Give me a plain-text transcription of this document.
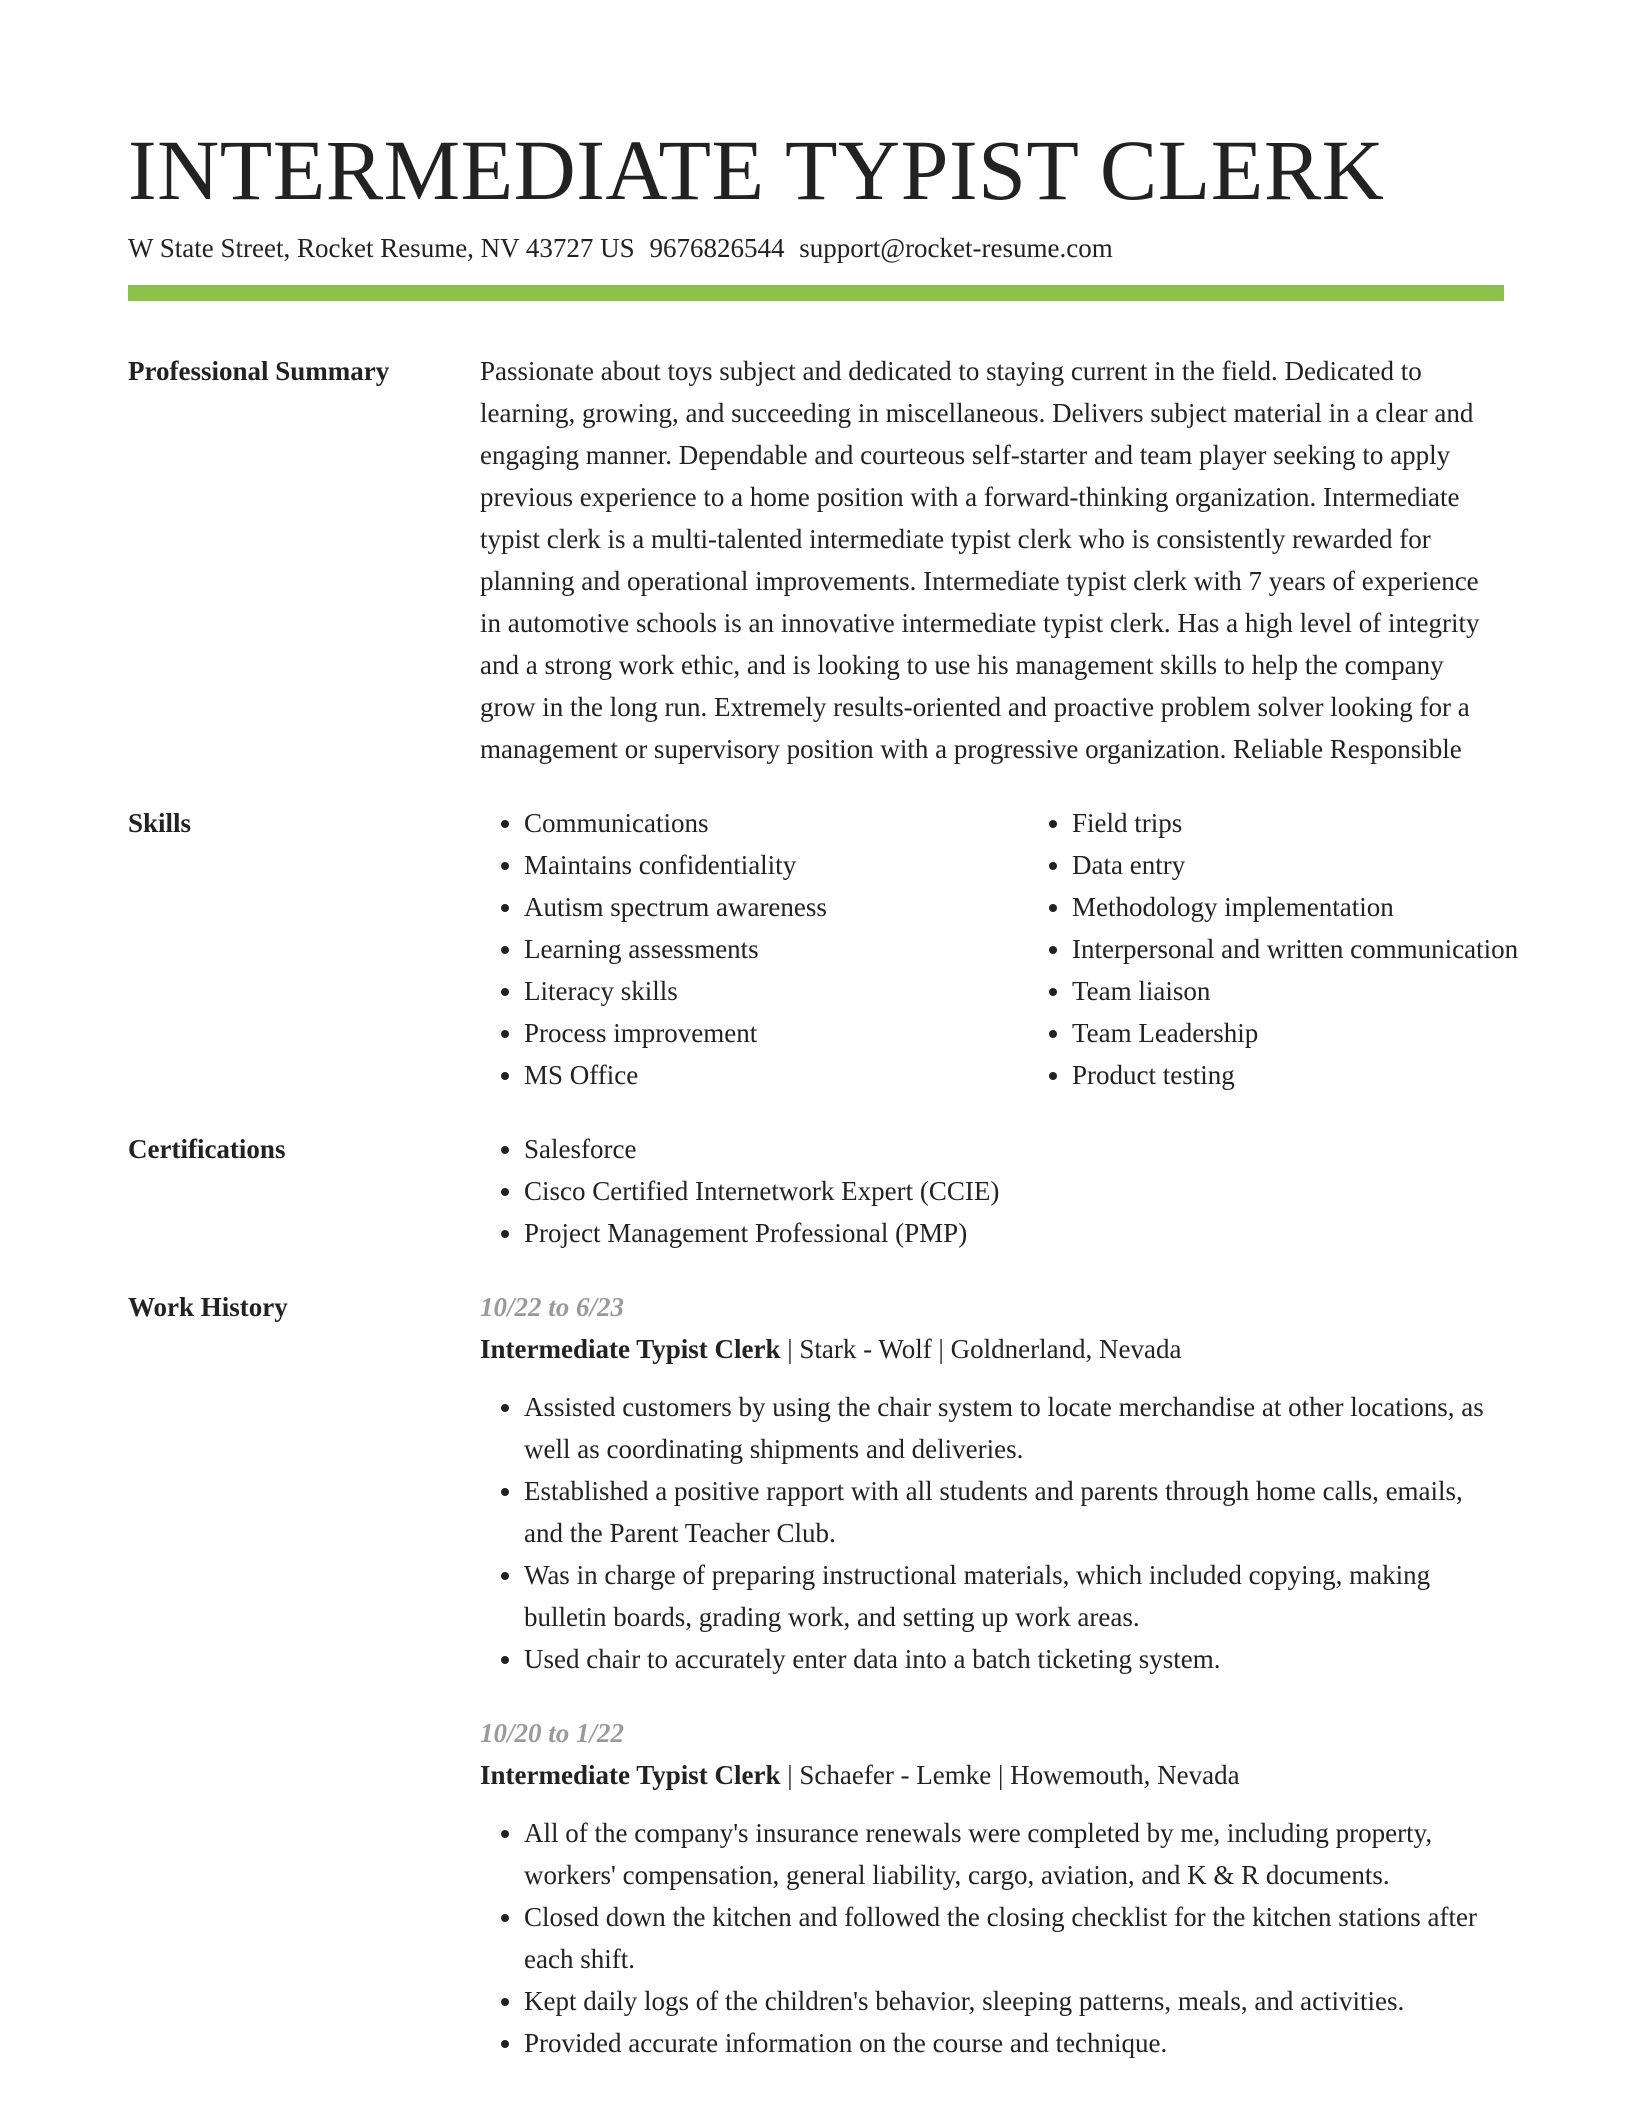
INTERMEDIATE TYPIST CLERK
W State Street, Rocket Resume, NV 43727 US 9676826544 support@rocket-resume.com
Professional Summary	Passionate about toys subject and dedicated to staying current in the field. Dedicated to learning, growing, and succeeding in miscellaneous. Delivers subject material in a clear and engaging manner. Dependable and courteous self-starter and team player seeking to apply previous experience to a home position with a forward-thinking organization. Intermediate typist clerk is a multi-talented intermediate typist clerk who is consistently rewarded for planning and operational improvements. Intermediate typist clerk with 7 years of experience in automotive schools is an innovative intermediate typist clerk. Has a high level of integrity and a strong work ethic, and is looking to use his management skills to help the company grow in the long run. Extremely results-oriented and proactive problem solver looking for a management or supervisory position with a progressive organization. Reliable Responsible

Skills	• Communications
• Maintains confidentiality
• Autism spectrum awareness
• Learning assessments
• Literacy skills
• Process improvement
• MS Office
• Field trips
• Data entry
• Methodology implementation
• Interpersonal and written communication
• Team liaison
• Team Leadership
• Product testing
Certifications	• Salesforce
• Cisco Certified Internetwork Expert (CCIE)
• Project Management Professional (PMP)
Work History	10/22 to 6/23
Intermediate Typist Clerk | Stark - Wolf | Goldnerland, Nevada
• Assisted customers by using the chair system to locate merchandise at other locations, as well as coordinating shipments and deliveries.
• Established a positive rapport with all students and parents through home calls, emails, and the Parent Teacher Club.
• Was in charge of preparing instructional materials, which included copying, making bulletin boards, grading work, and setting up work areas.
• Used chair to accurately enter data into a batch ticketing system.
10/20 to 1/22
Intermediate Typist Clerk | Schaefer - Lemke | Howemouth, Nevada
• All of the company's insurance renewals were completed by me, including property, workers' compensation, general liability, cargo, aviation, and K & R documents.
• Closed down the kitchen and followed the closing checklist for the kitchen stations after each shift.
• Kept daily logs of the children's behavior, sleeping patterns, meals, and activities.
• Provided accurate information on the course and technique.
